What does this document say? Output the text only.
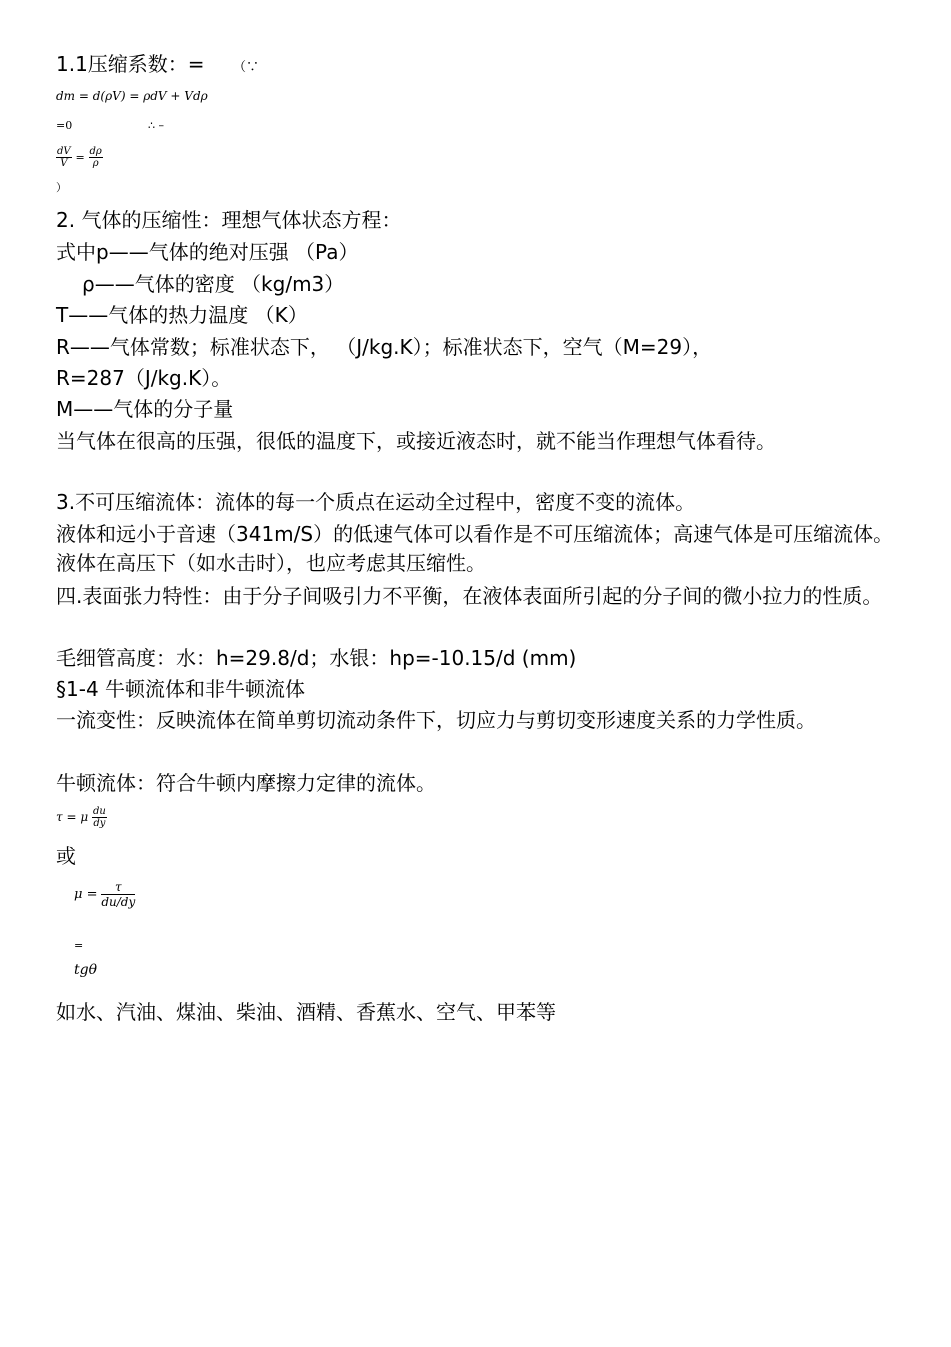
1.1压缩系数：= （∵
dm = d(ρV) = ρdV + Vdρ
=0	∴ –
$\frac{dV}{V} = \frac{d\rho}{\rho}$
）
2. 气体的压缩性：理想气体状态方程：
式中p——气体的绝对压强 （Pa）
ρ——气体的密度 （kg/m3）
T——气体的热力温度 （K）
R——气体常数；标准状态下， （J/kg.K）；标准状态下，空气（M=29），
R=287（J/kg.K）。
M——气体的分子量
当气体在很高的压强，很低的温度下，或接近液态时，就不能当作理想气体看待。
3.不可压缩流体：流体的每一个质点在运动全过程中，密度不变的流体。
液体和远小于音速（341m/S）的低速气体可以看作是不可压缩流体；高速气体是可压缩流体。液体在高压下（如水击时），也应考虑其压缩性。
四.表面张力特性：由于分子间吸引力不平衡，在液体表面所引起的分子间的微小拉力的性质。
毛细管高度：水：h=29.8/d；水银：hp=-10.15/d (mm)
§1-4 牛顿流体和非牛顿流体
一流变性：反映流体在简单剪切流动条件下，切应力与剪切变形速度关系的力学性质。
牛顿流体：符合牛顿内摩擦力定律的流体。
τ = μ $\frac{du}{dy}$
或
$\mu = \frac{\tau}{du/dy}$
=
tgθ
如水、汽油、煤油、柴油、酒精、香蕉水、空气、甲苯等
